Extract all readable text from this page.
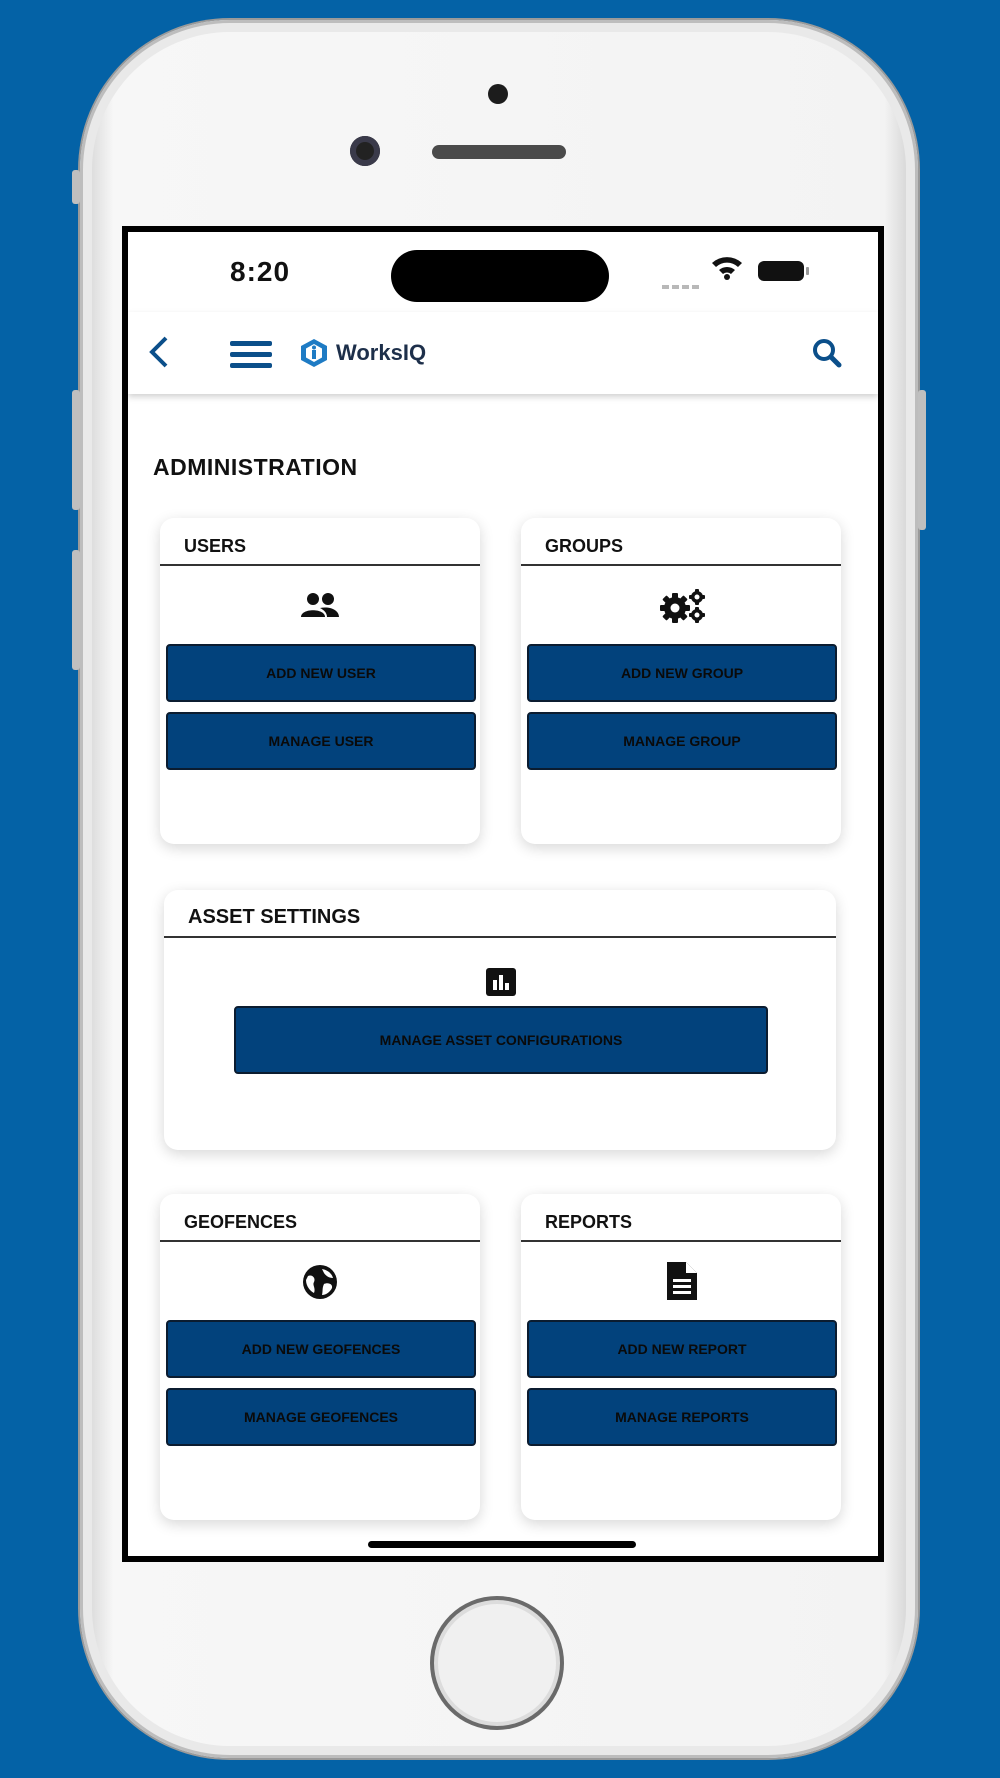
8:20
WorksIQ
ADMINISTRATION
USERS
ADD NEW USER
MANAGE USER
GROUPS
ADD NEW GROUP
MANAGE GROUP
ASSET SETTINGS
MANAGE ASSET CONFIGURATIONS
GEOFENCES
ADD NEW GEOFENCES
MANAGE GEOFENCES
REPORTS
ADD NEW REPORT
MANAGE REPORTS
